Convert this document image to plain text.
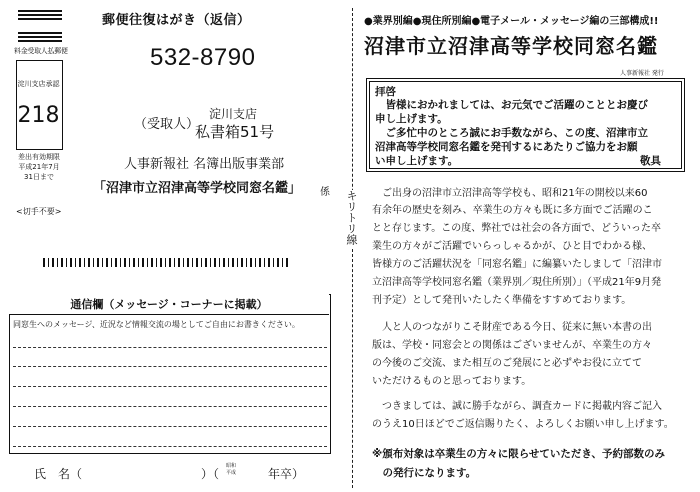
料金受取人払郵便
淀川支店承認
218
差出有効期限
平成21年7月
31日まで
<切手不要>
郵便往復はがき（返信）
532-8790
（受取人）
淀川支店
私書箱51号
人事新報社 名簿出版事業部
「沼津市立沼津高等学校同窓名鑑」 係
通信欄（メッセージ・コーナーに掲載）
同窓生へのメッセージ、近況など情報交流の場としてご自由にお書きください。
氏　名（	）（
昭和
平成	年卒）
キリトリ線
●業界別編●現住所別編●電子メール・メッセージ編の三部構成!!
沼津市立沼津高等学校同窓名鑑
人事新報社 発行
拝啓
　皆様におかれましては、お元気でご活躍のこととお慶び
申し上げます。
　ご多忙中のところ誠にお手数ながら、この度、沼津市立
沼津高等学校同窓名鑑を発刊するにあたりご協力をお願
い申し上げます。	敬具
　ご出身の沼津市立沼津高等学校も、昭和21年の開校以来60
有余年の歴史を刻み、卒業生の方々も既に多方面でご活躍のこ
とと存じます。この度、弊社では社会の各方面で、どういった卒
業生の方々がご活躍でいらっしゃるかが、ひと目でわかる様、
皆様方のご活躍状況を「同窓名鑑」に編纂いたしまして「沼津市
立沼津高等学校同窓名鑑（業界別／現住所別）」（平成21年9月発
刊予定）として発刊いたしたく準備をすすめております。
　人と人のつながりこそ財産である今日、従来に無い本書の出
版は、学校・同窓会との関係はございませんが、卒業生の方々
の今後のご交流、また相互のご発展にと必ずやお役に立てて
いただけるものと思っております。
　つきましては、誠に勝手ながら、調査カードに掲載内容ご記入
のうえ10日ほどでご返信賜りたく、よろしくお願い申し上げます。
※頒布対象は卒業生の方々に限らせていただき、予約部数のみ
　の発行になります。
